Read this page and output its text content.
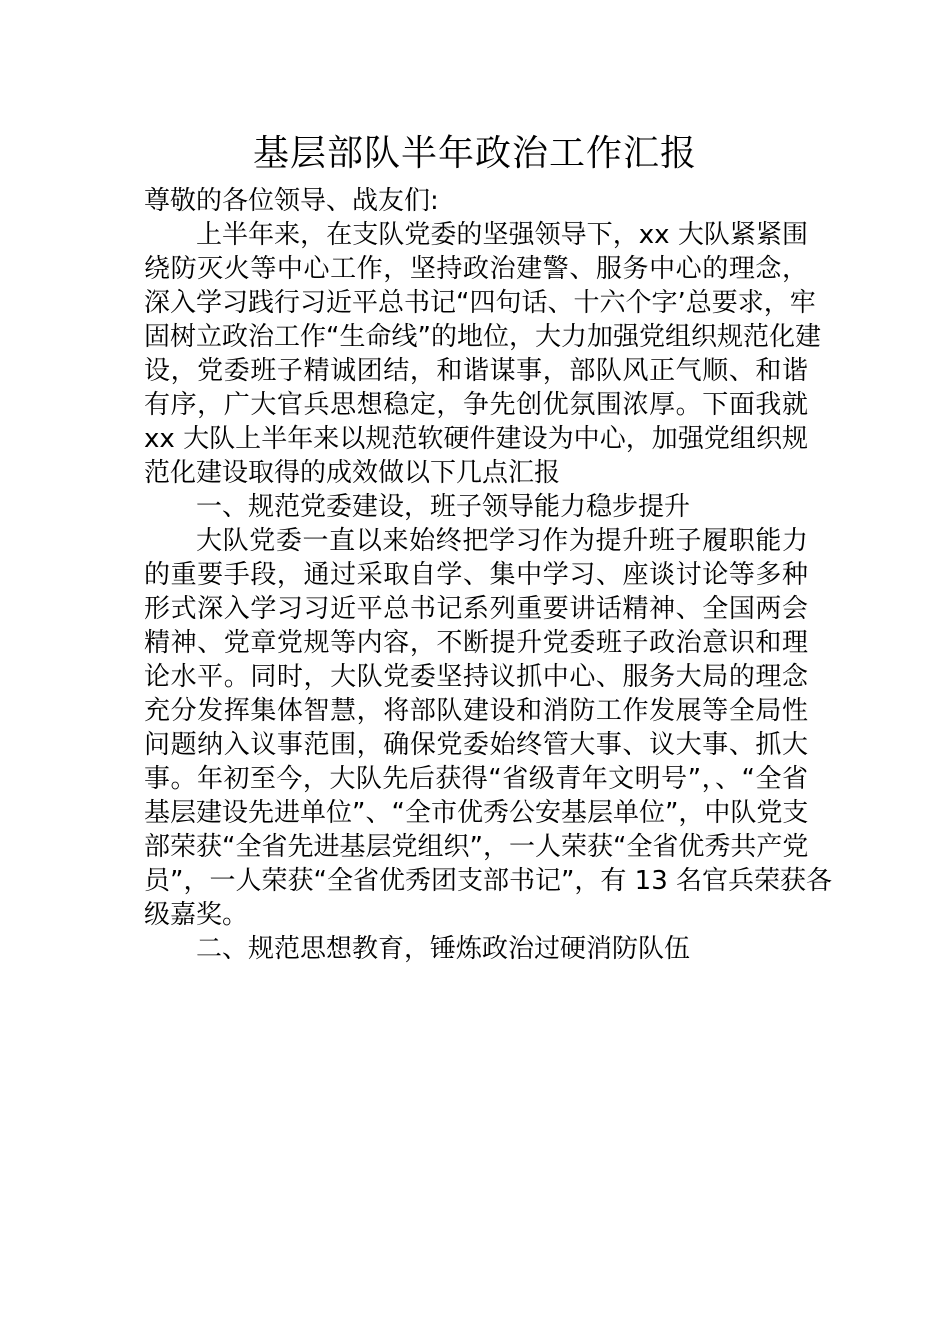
基层部队半年政治工作汇报
尊敬的各位领导、战友们:
上半年来，在支队党委的坚强领导下，xx 大队紧紧围
绕防灭火等中心工作，坚持政治建警、服务中心的理念，
深入学习践行习近平总书记“四句话、十六个字’总要求，牢
固树立政治工作“生命线”的地位，大力加强党组织规范化建
设，党委班子精诚团结，和谐谋事，部队风正气顺、和谐
有序，广大官兵思想稳定，争先创优氛围浓厚。下面我就
xx 大队上半年来以规范软硬件建设为中心，加强党组织规
范化建设取得的成效做以下几点汇报
一、规范党委建设，班子领导能力稳步提升
大队党委一直以来始终把学习作为提升班子履职能力
的重要手段，通过采取自学、集中学习、座谈讨论等多种
形式深入学习习近平总书记系列重要讲话精神、全国两会
精神、党章党规等内容，不断提升党委班子政治意识和理
论水平。同时，大队党委坚持议抓中心、服务大局的理念
充分发挥集体智慧，将部队建设和消防工作发展等全局性
问题纳入议事范围，确保党委始终管大事、议大事、抓大
事。年初至今，大队先后获得“省级青年文明号”，、“全省
基层建设先进单位”、“全市优秀公安基层单位”，中队党支
部荣获“全省先进基层党组织”，一人荣获“全省优秀共产党
员”，一人荣获“全省优秀团支部书记”，有 13 名官兵荣获各
级嘉奖。
二、规范思想教育，锤炼政治过硬消防队伍
